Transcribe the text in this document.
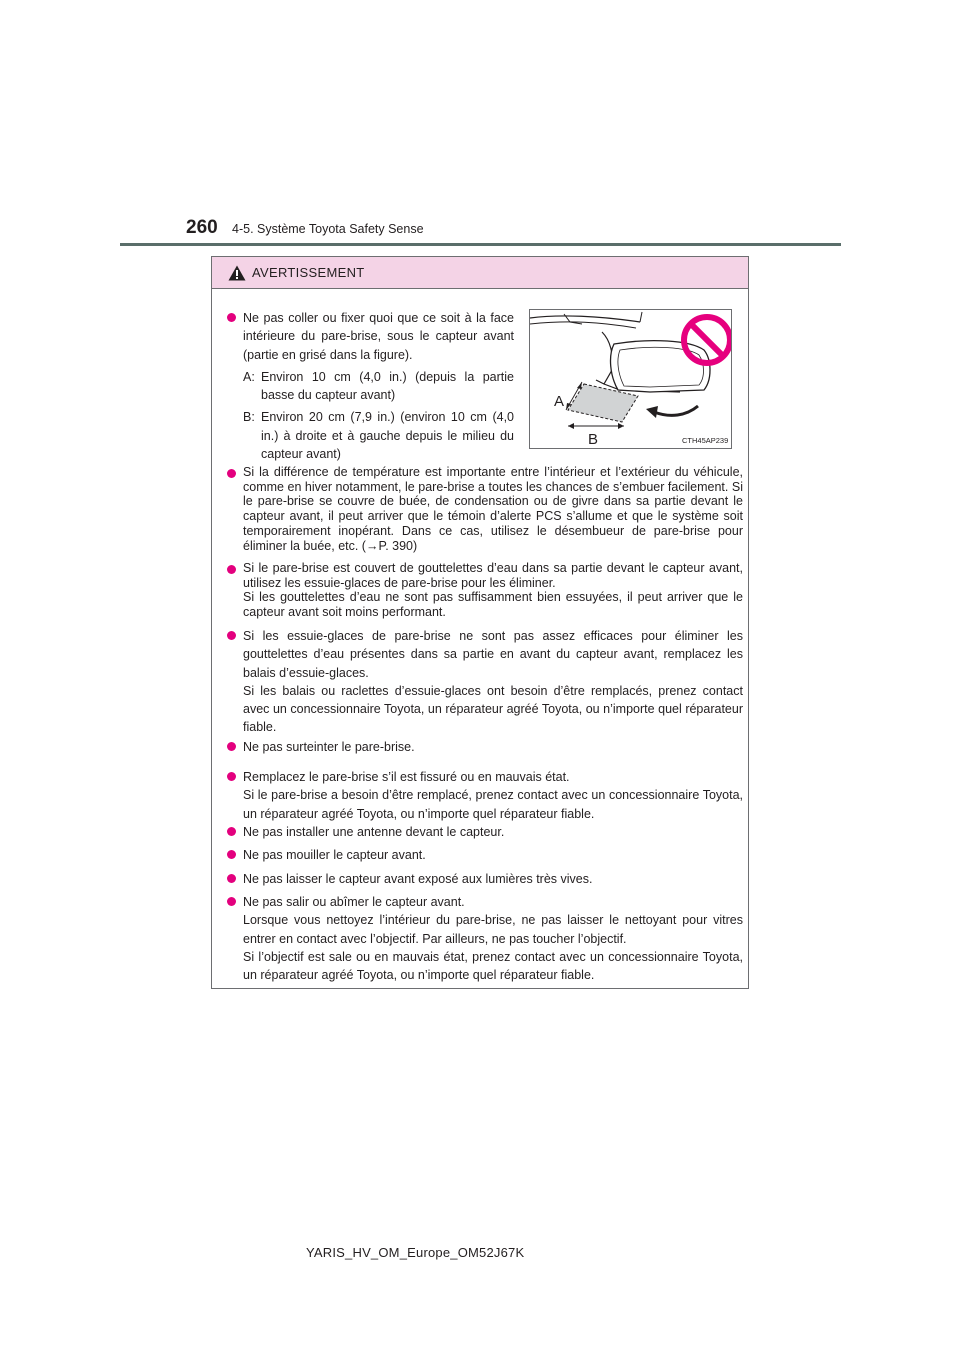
260 4-5. Système Toyota Safety Sense
AVERTISSEMENT
A
B	CTH45AP239
Ne pas coller ou fixer quoi que ce soit à la face intérieure du pare-brise, sous le capteur avant (partie en grisé dans la figure).
A: Environ 10 cm (4,0 in.) (depuis la partie basse du capteur avant)
B: Environ 20 cm (7,9 in.) (environ 10 cm (4,0 in.) à droite et à gauche depuis le milieu du capteur avant)

Si la différence de température est importante entre l’intérieur et l’extérieur du véhicule, comme en hiver notamment, le pare-brise a toutes les chances de s’embuer facilement. Si le pare-brise se couvre de buée, de condensation ou de givre dans sa partie devant le capteur avant, il peut arriver que le témoin d’alerte PCS s’allume et que le système soit temporairement inopérant. Dans ce cas, utilisez le désembueur de pare-brise pour éliminer la buée, etc. (→P. 390)

Si le pare-brise est couvert de gouttelettes d’eau dans sa partie devant le capteur avant, utilisez les essuie-glaces de pare-brise pour les éliminer.

Si les gouttelettes d’eau ne sont pas suffisamment bien essuyées, il peut arriver que le capteur avant soit moins performant.

Si les essuie-glaces de pare-brise ne sont pas assez efficaces pour éliminer les gouttelettes d’eau présentes dans sa partie en avant du capteur avant, remplacez les balais d’essuie-glaces.

Si les balais ou raclettes d’essuie-glaces ont besoin d’être remplacés, prenez contact avec un concessionnaire Toyota, un réparateur agréé Toyota, ou n’importe quel réparateur fiable.

Ne pas surteinter le pare-brise.

Remplacez le pare-brise s’il est fissuré ou en mauvais état.

Si le pare-brise a besoin d’être remplacé, prenez contact avec un concessionnaire Toyota, un réparateur agréé Toyota, ou n’importe quel réparateur fiable.

Ne pas installer une antenne devant le capteur.

Ne pas mouiller le capteur avant.

Ne pas laisser le capteur avant exposé aux lumières très vives.

Ne pas salir ou abîmer le capteur avant.

Lorsque vous nettoyez l’intérieur du pare-brise, ne pas laisser le nettoyant pour vitres entrer en contact avec l’objectif. Par ailleurs, ne pas toucher l’objectif.

Si l’objectif est sale ou en mauvais état, prenez contact avec un concessionnaire Toyota, un réparateur agréé Toyota, ou n’importe quel réparateur fiable.

YARIS_HV_OM_Europe_OM52J67K
